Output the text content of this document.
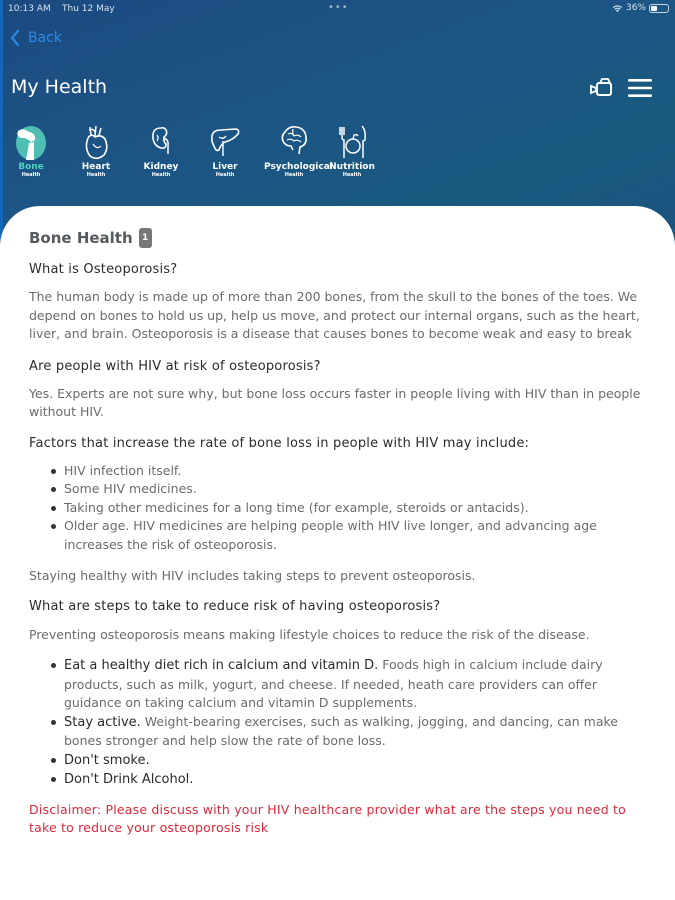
10:13 AM Thu 12 May	•••	36%
Back
My Health
Bone
Health
Heart
Health
Kidney
Health
Liver
Health
Psychological
Health
Nutrition
Health
Bone Health	1
What is Osteoporosis?

The human body is made up of more than 200 bones, from the skull to the bones of the toes. We depend on bones to hold us up, help us move, and protect our internal organs, such as the heart, liver, and brain. Osteoporosis is a disease that causes bones to become weak and easy to break

Are people with HIV at risk of osteoporosis?

Yes. Experts are not sure why, but bone loss occurs faster in people living with HIV than in people without HIV.

Factors that increase the rate of bone loss in people with HIV may include:
HIV infection itself.
Some HIV medicines.
Taking other medicines for a long time (for example, steroids or antacids).
Older age. HIV medicines are helping people with HIV live longer, and advancing age increases the risk of osteoporosis.

Staying healthy with HIV includes taking steps to prevent osteoporosis.

What are steps to take to reduce risk of having osteoporosis?

Preventing osteoporosis means making lifestyle choices to reduce the risk of the disease.

Eat a healthy diet rich in calcium and vitamin D. Foods high in calcium include dairy products, such as milk, yogurt, and cheese. If needed, heath care providers can offer guidance on taking calcium and vitamin D supplements.
Stay active. Weight-bearing exercises, such as walking, jogging, and dancing, can make bones stronger and help slow the rate of bone loss.
Don't smoke.
Don't Drink Alcohol.

Disclaimer: Please discuss with your HIV healthcare provider what are the steps you need to take to reduce your osteoporosis risk
